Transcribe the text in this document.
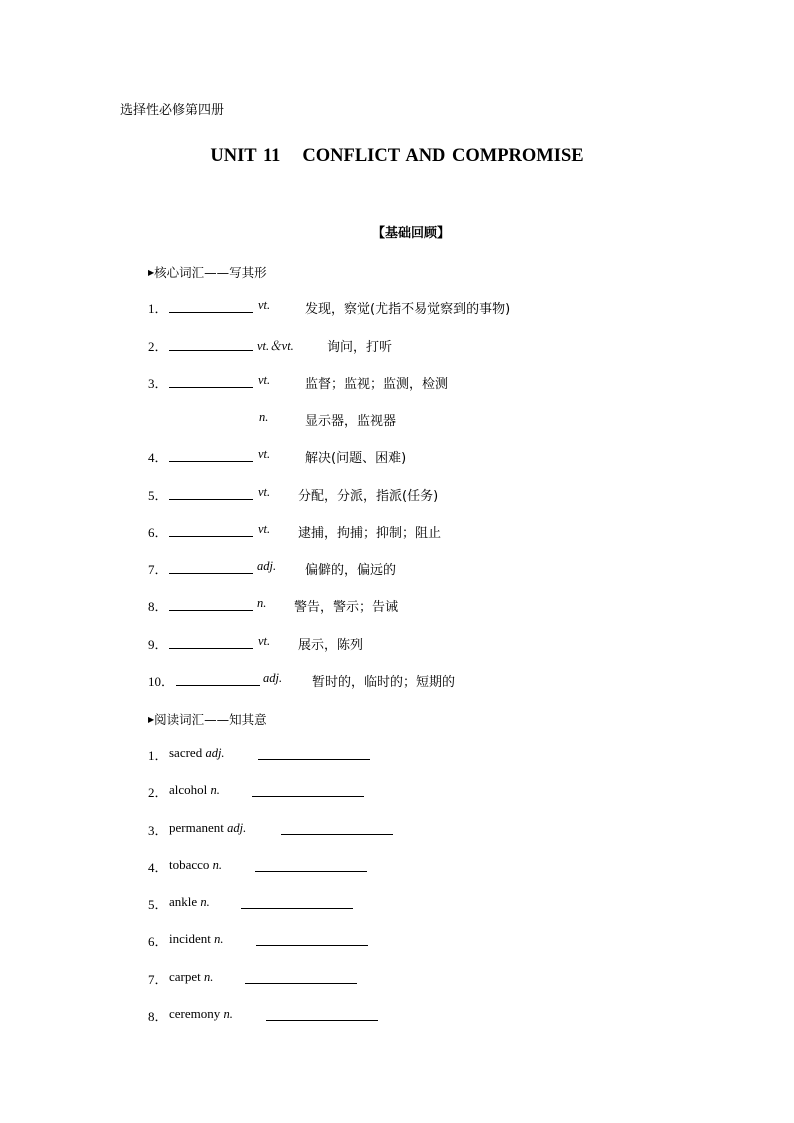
选择性必修第四册
UNIT 11 CONFLICT AND COMPROMISE
【基础回顾】
▶核心词汇——写其形
1．	vt.	发现，察觉(尤指不易觉察到的事物)
2．	vt.＆vt.	询问，打听
3．	vt.	监督；监视；监测，检测
n.	显示器，监视器
4．	vt.	解决(问题、困难)
5．	vt. 分配，分派，指派(任务)
6．	vt. 逮捕，拘捕；抑制；阻止
7．	adj. 偏僻的，偏远的
8．	n. 警告，警示；告诫
9．	vt. 展示，陈列
10．	adj. 暂时的，临时的；短期的
▶阅读词汇——知其意
1． sacred adj.
2． alcohol n.
3． permanent adj.
4． tobacco n.
5． ankle n.
6． incident n.
7． carpet n.
8． ceremony n.
